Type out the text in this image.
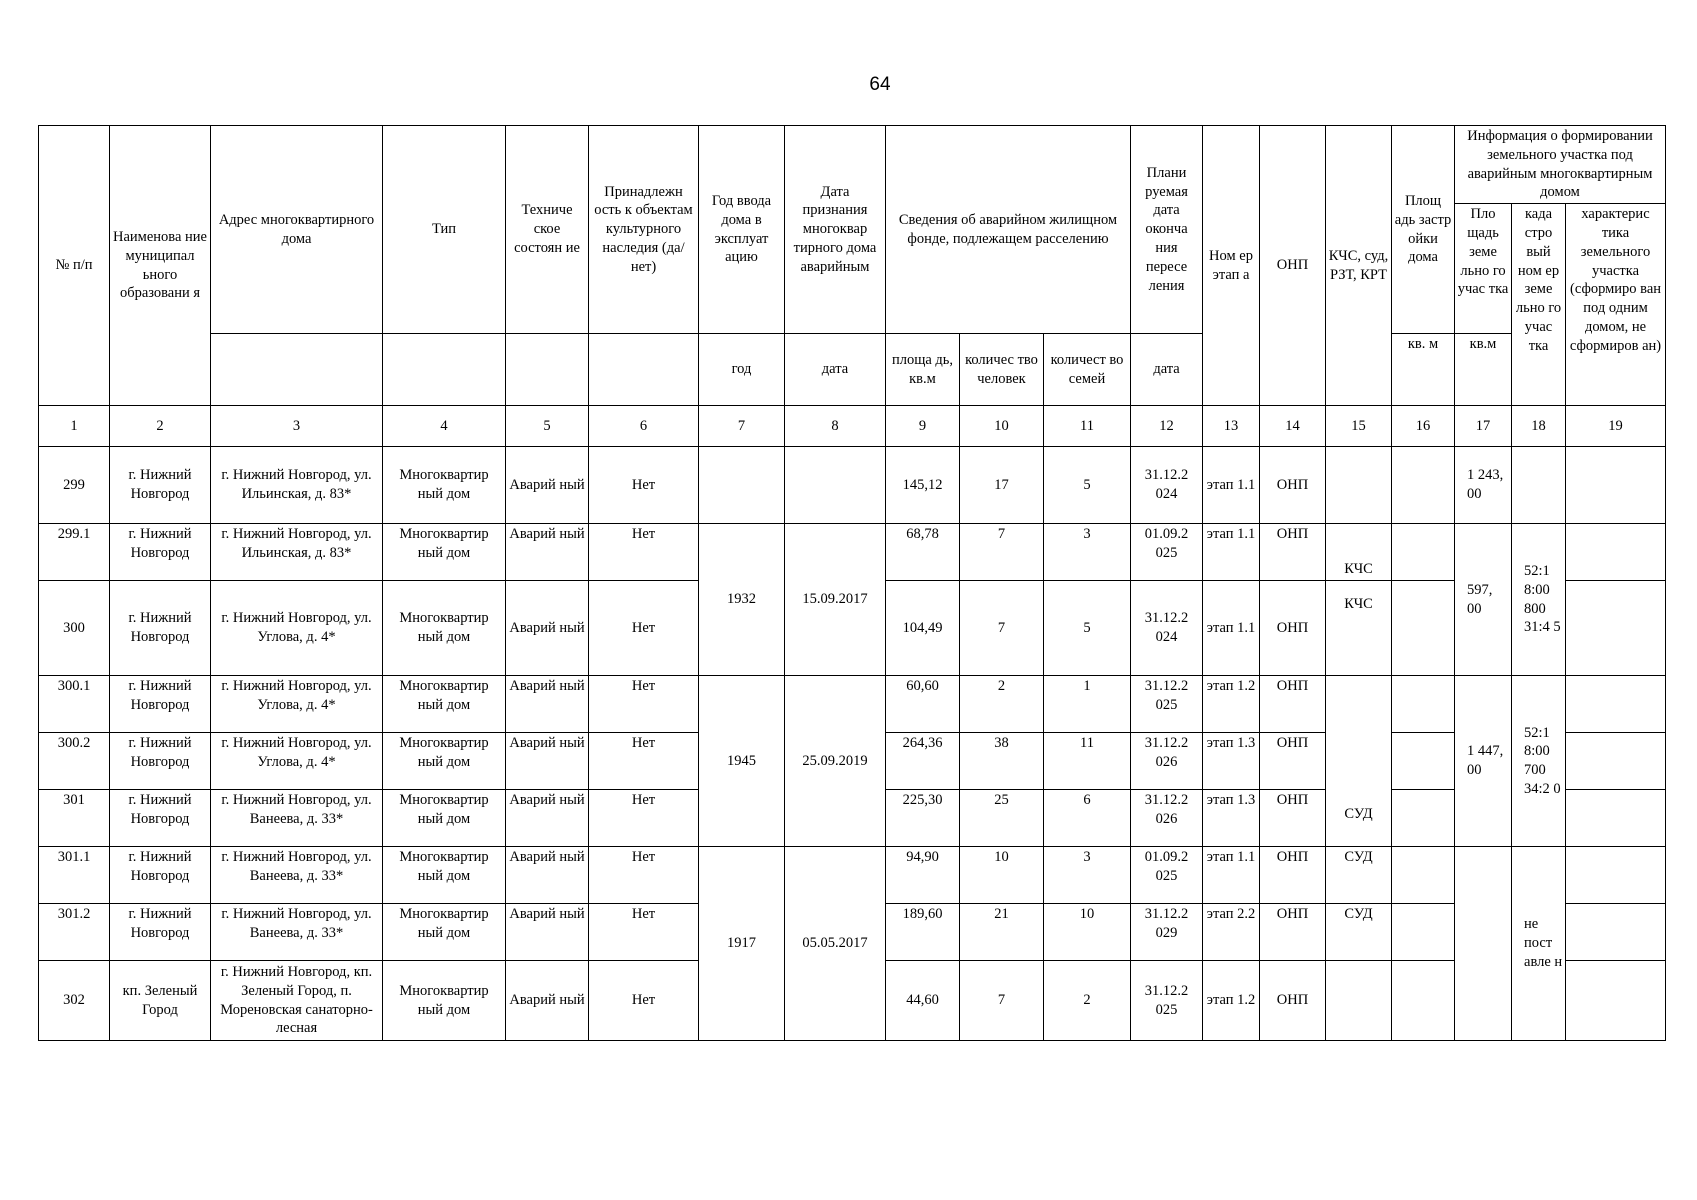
64
№ п/п	Наименова ние муниципал ьного образовани я	Адрес многоквартирного дома	Тип	Техниче ское состоян ие	Принадлежн ость к объектам культурного наследия (да/нет)	Год ввода дома в эксплуат ацию	Дата признания многоквар тирного дома аварийным	Сведения об аварийном жилищном фонде, подлежащем расселению			Плани руемая дата оконча ния пересе ления	Ном ер этап а	ОНП	КЧС, суд, РЗТ, КРТ	Площ адь застр ойки дома	Информация о формировании земельного участка под аварийным многоквартирным домом		
																Пло щадь земе льно го учас тка	када стро вый ном ер земе льно го учас тка	характерис тика земельного участка (сформиро ван под одним домом, не сформиров ан)
						год	дата	площа дь, кв.м	количес тво человек	количест во семей	дата				кв. м	кв.м		
1	2	3	4	5	6	7	8	9	10	11	12	13	14	15	16	17	18	19
299	г. Нижний Новгород	г. Нижний Новгород, ул. Ильинская, д. 83*	Многоквартир ный дом	Аварий ный	Нет			145,12	17	5	31.12.2 024	этап 1.1	ОНП			1 243, 00		
299.1	г. Нижний Новгород	г. Нижний Новгород, ул. Ильинская, д. 83*	Многоквартир ный дом	Аварий ный	Нет	1932	15.09.2017	68,78	7	3	01.09.2 025	этап 1.1	ОНП	КЧС		597, 00	52:1 8:00 800 31:4 5	
300	г. Нижний Новгород	г. Нижний Новгород, ул. Углова, д. 4*	Многоквартир ный дом	Аварий ный	Нет			104,49	7	5	31.12.2 024	этап 1.1	ОНП	КЧС				
300.1	г. Нижний Новгород	г. Нижний Новгород, ул. Углова, д. 4*	Многоквартир ный дом	Аварий ный	Нет	1945	25.09.2019	60,60	2	1	31.12.2 025	этап 1.2	ОНП	СУД		1 447, 00	52:1 8:00 700 34:2 0	
300.2	г. Нижний Новгород	г. Нижний Новгород, ул. Углова, д. 4*	Многоквартир ный дом	Аварий ный	Нет			264,36	38	11	31.12.2 026	этап 1.3	ОНП					
301	г. Нижний Новгород	г. Нижний Новгород, ул. Ванеева, д. 33*	Многоквартир ный дом	Аварий ный	Нет			225,30	25	6	31.12.2 026	этап 1.3	ОНП					
301.1	г. Нижний Новгород	г. Нижний Новгород, ул. Ванеева, д. 33*	Многоквартир ный дом	Аварий ный	Нет	1917	05.05.2017	94,90	10	3	01.09.2 025	этап 1.1	ОНП	СУД			не пост авле н	
301.2	г. Нижний Новгород	г. Нижний Новгород, ул. Ванеева, д. 33*	Многоквартир ный дом	Аварий ный	Нет			189,60	21	10	31.12.2 029	этап 2.2	ОНП	СУД				
302	кп. Зеленый Город	г. Нижний Новгород, кп. Зеленый Город, п. Мореновская санаторно-лесная	Многоквартир ный дом	Аварий ный	Нет			44,60	7	2	31.12.2 025	этап 1.2	ОНП					
